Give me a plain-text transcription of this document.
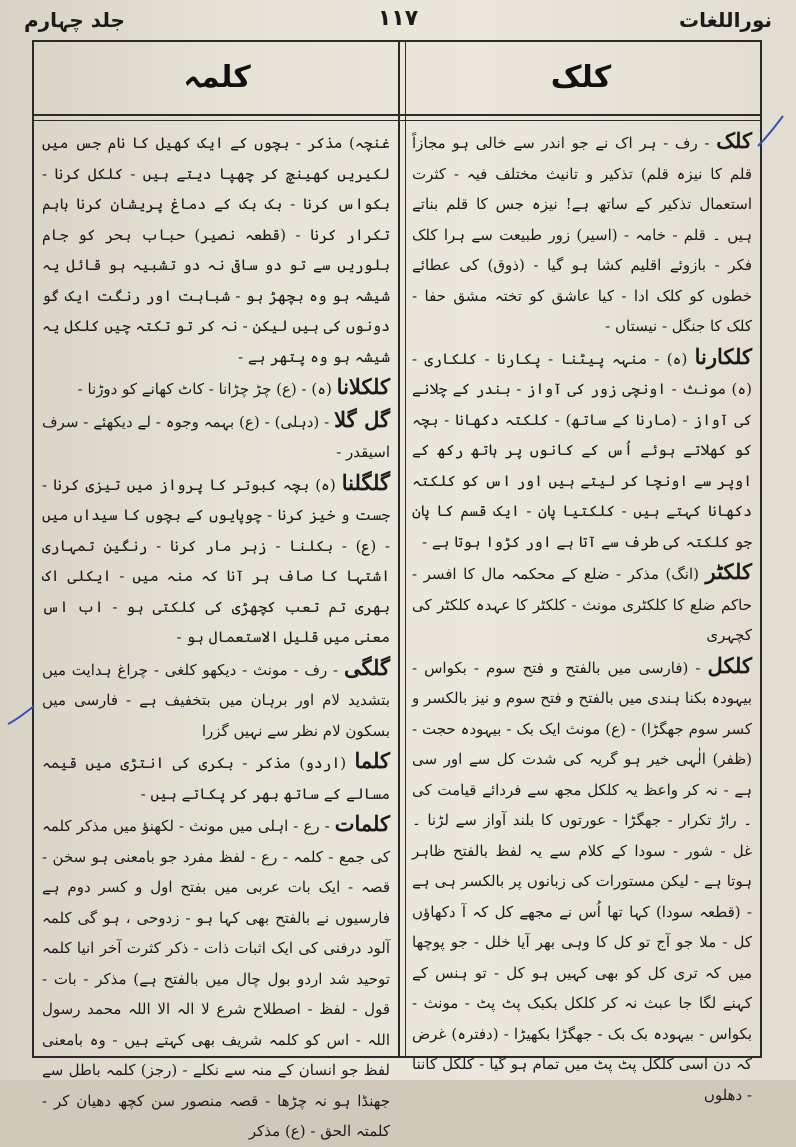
نوراللغات
۱۱۷
جلد چہارم
کلک
کلمہ

کلک - رف - ہر اک نے جو اندر سے خالی ہو مجازاً قلم کا نیزہ قلم) تذکیر و تانیث مختلف فیہ - کثرت استعمال تذکیر کے ساتھ ہے! نیزہ جس کا قلم بناتے ہیں ۔ قلم - خامہ - (اسیر) زور طبیعت سے ہرا کلک فکر - بازوئے اقلیم کشا ہو گیا - (ذوق) کی عطائے خطوں کو کلک ادا - کیا عاشق کو تختہ مشق حفا - کلک کا جنگل - نیستاں -

کلکارنا (ہ) - منہہ پیٹنا - پکارنا - کلکاری - (ہ) مونث - اونچی زور کی آواز - بندر کے چلانے کی آواز - (مارنا کے ساتھ) - کلکتہ دکھانا - بچہ کو کھلاتے ہوئے اُس کے کانوں پر ہاتھ رکھ کے اوپر سے اونچا کر لیتے ہیں اور اس کو کلکتہ دکھانا کہتے ہیں - کلکتیا پان - ایک قسم کا پان جو کلکتہ کی طرف سے آتا ہے اور کڑوا ہوتا ہے -

کلکٹر (انگ) مذکر - ضلع کے محکمہ مال کا افسر - حاکم ضلع کا کلکٹری مونث - کلکٹر کا عہدہ کلکٹر کی کچہری

کلکل - (فارسی میں بالفتح و فتح سوم - بکواس - بیہودہ بکنا ہندی میں بالفتح و فتح سوم و نیز بالکسر و کسر سوم جھگڑا) - (ع) مونث ایک بک - بیہودہ حجت - (ظفر) الٰہی خیر ہو گریہ کی شدت کل سے اور سی ہے - نہ کر واعظ یہ کلکل مجھ سے فردائے قیامت کی ۔ راڑ تکرار - جھگڑا - عورتوں کا بلند آواز سے لڑنا ۔ غل - شور - سودا کے کلام سے یہ لفظ بالفتح ظاہر ہوتا ہے - لیکن مستورات کی زبانوں پر بالکسر ہی ہے - (قطعہ سودا) کہا تھا اُس نے مجھے کل کہ آ دکھاؤں کل - ملا جو آج تو کل کا وہی بھر آیا خلل - جو پوچھا میں کہ تری کل کو بھی کہیں ہو کل - تو ہنس کے کہنے لگا جا عبث نہ کر کلکل بکبک پٹ پٹ - مونث - بکواس - بیہودہ بک بک - جھگڑا بکھیڑا - (دفترہ) غرض کہ دن اسی کلکل پٹ پٹ میں تمام ہو گیا - کلکل کاننا - دھلوں

غنچہ) مذکر - بچوں کے ایک کھیل کا نام جس میں لکیریں کھینچ کر چھپا دیتے ہیں - کلکل کرنا - بکواس کرنا - بک بک کے دماغ پریشان کرنا باہم تکرار کرنا - (قطعہ نصیر) حباب بحر کو جام بلوریں سے تو دو ساقی نہ دو تشبیہ ہو قائل یہ شیشہ ہو وہ بچھڑ ہو - شباہت اور رنگت ایک گو دونوں کی ہیں لیکن - نہ کر تو تکتہ چیں کلکل یہ شیشہ ہو وہ پتھر ہے -

کلکلانا (ہ) - (ع) چڑ چڑانا - کاٹ کھانے کو دوڑنا -

گل گلا - (دہلی) - (ع) بہمہ وجوہ - لے دیکھئے - سرف اسیقدر -

گلگلنا (ہ) بچہ کبوتر کا پرواز میں تیزی کرنا - جست و خیز کرنا - چوپایوں کے بچوں کا سیداں میں - (ع) - بکلنا - زہر مار کرنا - رنگین تمہاری اشتہا کا صاف ہر آنا کہ منہ میں - ایکلی اک بھری تم تعب کچھڑی کی کلکتی ہو - اب اس معنی میں قلیل الاستعمال ہو -

گلگی - رف - مونث - دیکھو کلغی - چراغ ہدایت میں بتشدید لام اور برہان میں بتخفیف ہے - فارسی میں بسکون لام نظر سے نہیں گزرا

کلما (اردو) مذکر - بکری کی انتڑی میں قیمہ مسالے کے ساتھ بھر کر پکاتے ہیں -

کلمات - رع - اہلی میں مونث - لکھنؤ میں مذکر کلمہ کی جمع - کلمہ - رع - لفظ مفرد جو بامعنی ہو سخن - قصہ - ایک بات عربی میں بفتح اول و کسر دوم ہے فارسیوں نے بالفتح بھی کہا ہو - زدوحی ، ہو گی کلمہ آلود درفنی کی ایک اثبات ذات - ذکر کثرت آخر انیا کلمہ توحید شد اردو بول چال میں بالفتح ہے) مذکر - بات - قول - لفظ - اصطلاح شرع لا الہ الا اللہ محمد رسول اللہ - اس کو کلمہ شریف بھی کہتے ہیں - وہ بامعنی لفظ جو انسان کے منہ سے نکلے - (رجز) کلمہ باطل سے جھنڈا ہو نہ چڑھا - قصہ منصور سن کچھ دھیان کر - کلمتہ الحق - (ع) مذکر
